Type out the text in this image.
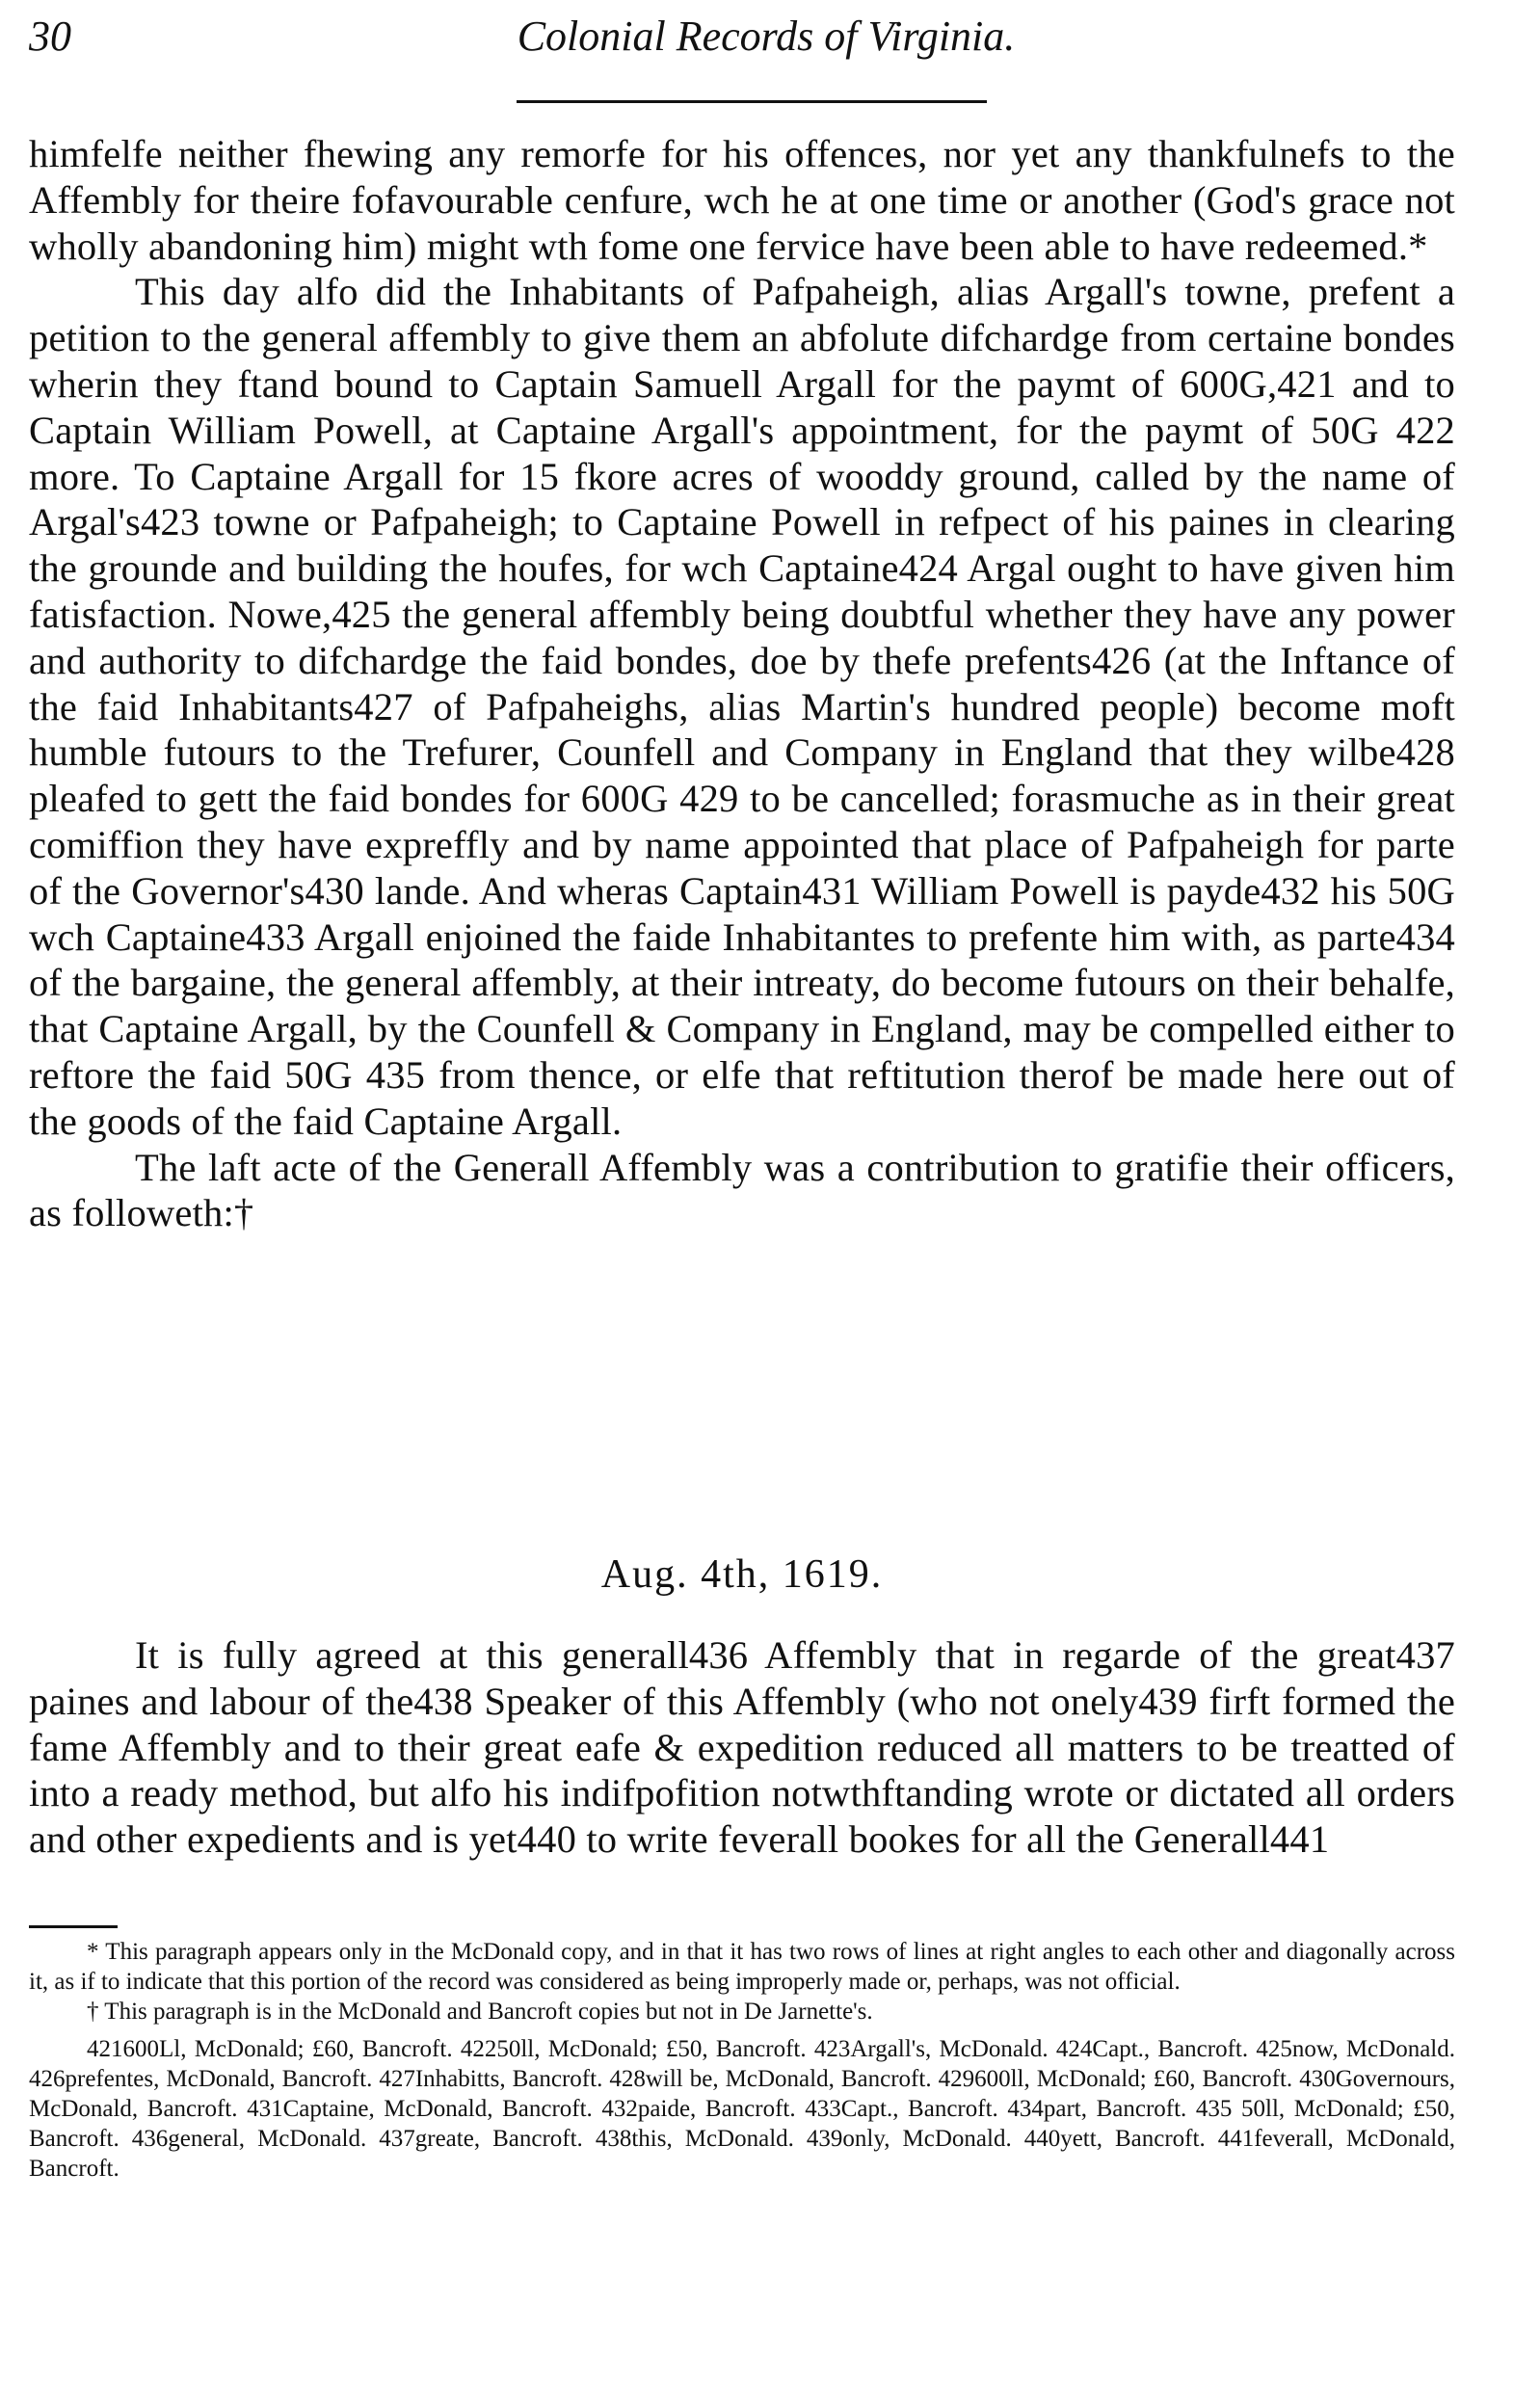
30	Colonial Records of Virginia.

himfelfe neither fhewing any remorfe for his offences, nor yet any thankfulnefs to the Affembly for theire fofavourable cenfure, wch he at one time or another (God's grace not wholly abandoning him) might wth fome one fervice have been able to have redeemed.*

This day alfo did the Inhabitants of Pafpaheigh, alias Argall's towne, prefent a petition to the general affembly to give them an abfolute difchardge from certaine bondes wherin they ftand bound to Captain Samuell Argall for the paymt of 600G,421 and to Captain William Powell, at Captaine Argall's appointment, for the paymt of 50G 422 more. To Captaine Argall for 15 fkore acres of wooddy ground, called by the name of Argal's423 towne or Pafpaheigh; to Captaine Powell in refpect of his paines in clearing the grounde and building the houfes, for wch Captaine424 Argal ought to have given him fatisfaction. Nowe,425 the general affembly being doubtful whether they have any power and authority to difchardge the faid bondes, doe by thefe prefents426 (at the Inftance of the faid Inhabitants427 of Pafpaheighs, alias Martin's hundred people) become moft humble futours to the Trefurer, Counfell and Company in England that they wilbe428 pleafed to gett the faid bondes for 600G 429 to be cancelled; forasmuche as in their great comiffion they have expreffly and by name appointed that place of Pafpaheigh for parte of the Governor's430 lande. And wheras Captain431 William Powell is payde432 his 50G wch Captaine433 Argall enjoined the faide Inhabitantes to prefente him with, as parte434 of the bargaine, the general affembly, at their intreaty, do become futours on their behalfe, that Captaine Argall, by the Counfell & Company in England, may be compelled either to reftore the faid 50G 435 from thence, or elfe that reftitution therof be made here out of the goods of the faid Captaine Argall.

The laft acte of the Generall Affembly was a contribution to gratifie their officers, as followeth:†

Aug. 4th, 1619.

It is fully agreed at this generall436 Affembly that in regarde of the great437 paines and labour of the438 Speaker of this Affembly (who not onely439 firft formed the fame Affembly and to their great eafe & expedition reduced all matters to be treatted of into a ready method, but alfo his indifpofition notwthftanding wrote or dictated all orders and other expedients and is yet440 to write feverall bookes for all the Generall441

* This paragraph appears only in the McDonald copy, and in that it has two rows of lines at right angles to each other and diagonally across it, as if to indicate that this portion of the record was considered as being improperly made or, perhaps, was not official.

† This paragraph is in the McDonald and Bancroft copies but not in De Jarnette's.

421600Ll, McDonald; £60, Bancroft. 42250ll, McDonald; £50, Bancroft. 423Argall's, McDonald. 424Capt., Bancroft. 425now, McDonald. 426prefentes, McDonald, Bancroft. 427Inhabitts, Bancroft. 428will be, McDonald, Bancroft. 429600ll, McDonald; £60, Bancroft. 430Governours, McDonald, Bancroft. 431Captaine, McDonald, Bancroft. 432paide, Bancroft. 433Capt., Bancroft. 434part, Bancroft. 435 50ll, McDonald; £50, Bancroft. 436general, McDonald. 437greate, Bancroft. 438this, McDonald. 439only, McDonald. 440yett, Bancroft. 441feverall, McDonald, Bancroft.
